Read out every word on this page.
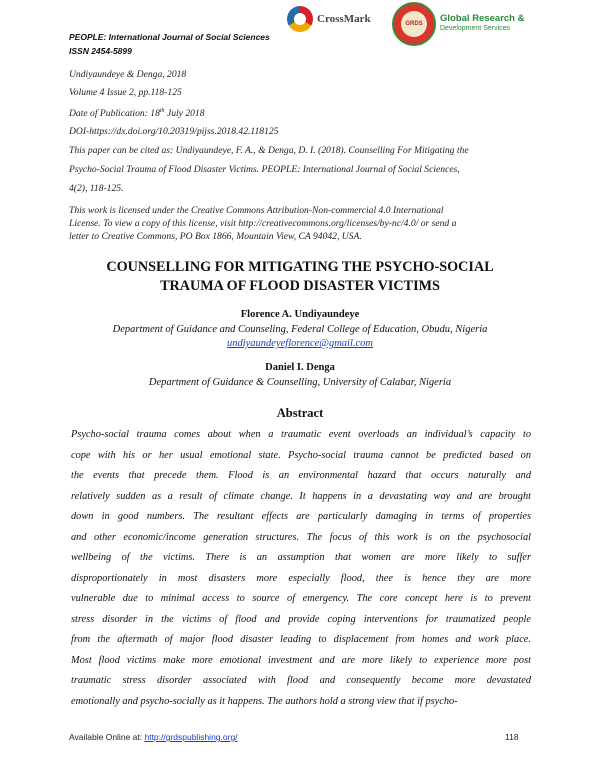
PEOPLE: International Journal of Social Sciences
ISSN 2454-5899
CrossMark	GRDS	Global Research &
Development Services
Undiyaundeye & Denga, 2018
Volume 4 Issue 2, pp.118-125
Date of Publication: 18th July 2018
DOI-https://dx.doi.org/10.20319/pijss.2018.42.118125
This paper can be cited as: Undiyaundeye, F. A., & Denga, D. I. (2018). Counselling For Mitigating the
Psycho-Social Trauma of Flood Disaster Victims. PEOPLE: International Journal of Social Sciences,
4(2), 118-125.
This work is licensed under the Creative Commons Attribution-Non-commercial 4.0 International
License. To view a copy of this license, visit http://creativecommons.org/licenses/by-nc/4.0/ or send a
letter to Creative Commons, PO Box 1866, Mountain View, CA 94042, USA.
COUNSELLING FOR MITIGATING THE PSYCHO-SOCIAL
TRAUMA OF FLOOD DISASTER VICTIMS
Florence A. Undiyaundeye
Department of Guidance and Counseling, Federal College of Education, Obudu, Nigeria
undiyaundeyeflorence@gmail.com
Daniel I. Denga
Department of Guidance & Counselling, University of Calabar, Nigeria
Abstract
Psycho-social trauma comes about when a traumatic event overloads an individual’s capacity to
cope with his or her usual emotional state. Psycho-social trauma cannot be predicted based on
the events that precede them. Flood is an environmental hazard that occurs naturally and
relatively sudden as a result of climate change. It happens in a devastating way and are brought
down in good numbers. The resultant effects are particularly damaging in terms of properties
and other economic/income generation structures. The focus of this work is on the psychosocial
wellbeing of the victims. There is an assumption that women are more likely to suffer
disproportionately in most disasters more especially flood, thee is hence they are more
vulnerable due to minimal access to source of emergency. The core concept here is to prevent
stress disorder in the victims of flood and provide coping interventions for traumatized people
from the aftermath of major flood disaster leading to displacement from homes and work place.
Most flood victims make more emotional investment and are more likely to experience more post
traumatic stress disorder associated with flood and consequently become more devastated
emotionally and psycho-socially as it happens. The authors hold a strong view that if psycho-
Available Online at: http://grdspublishing.org/	118
